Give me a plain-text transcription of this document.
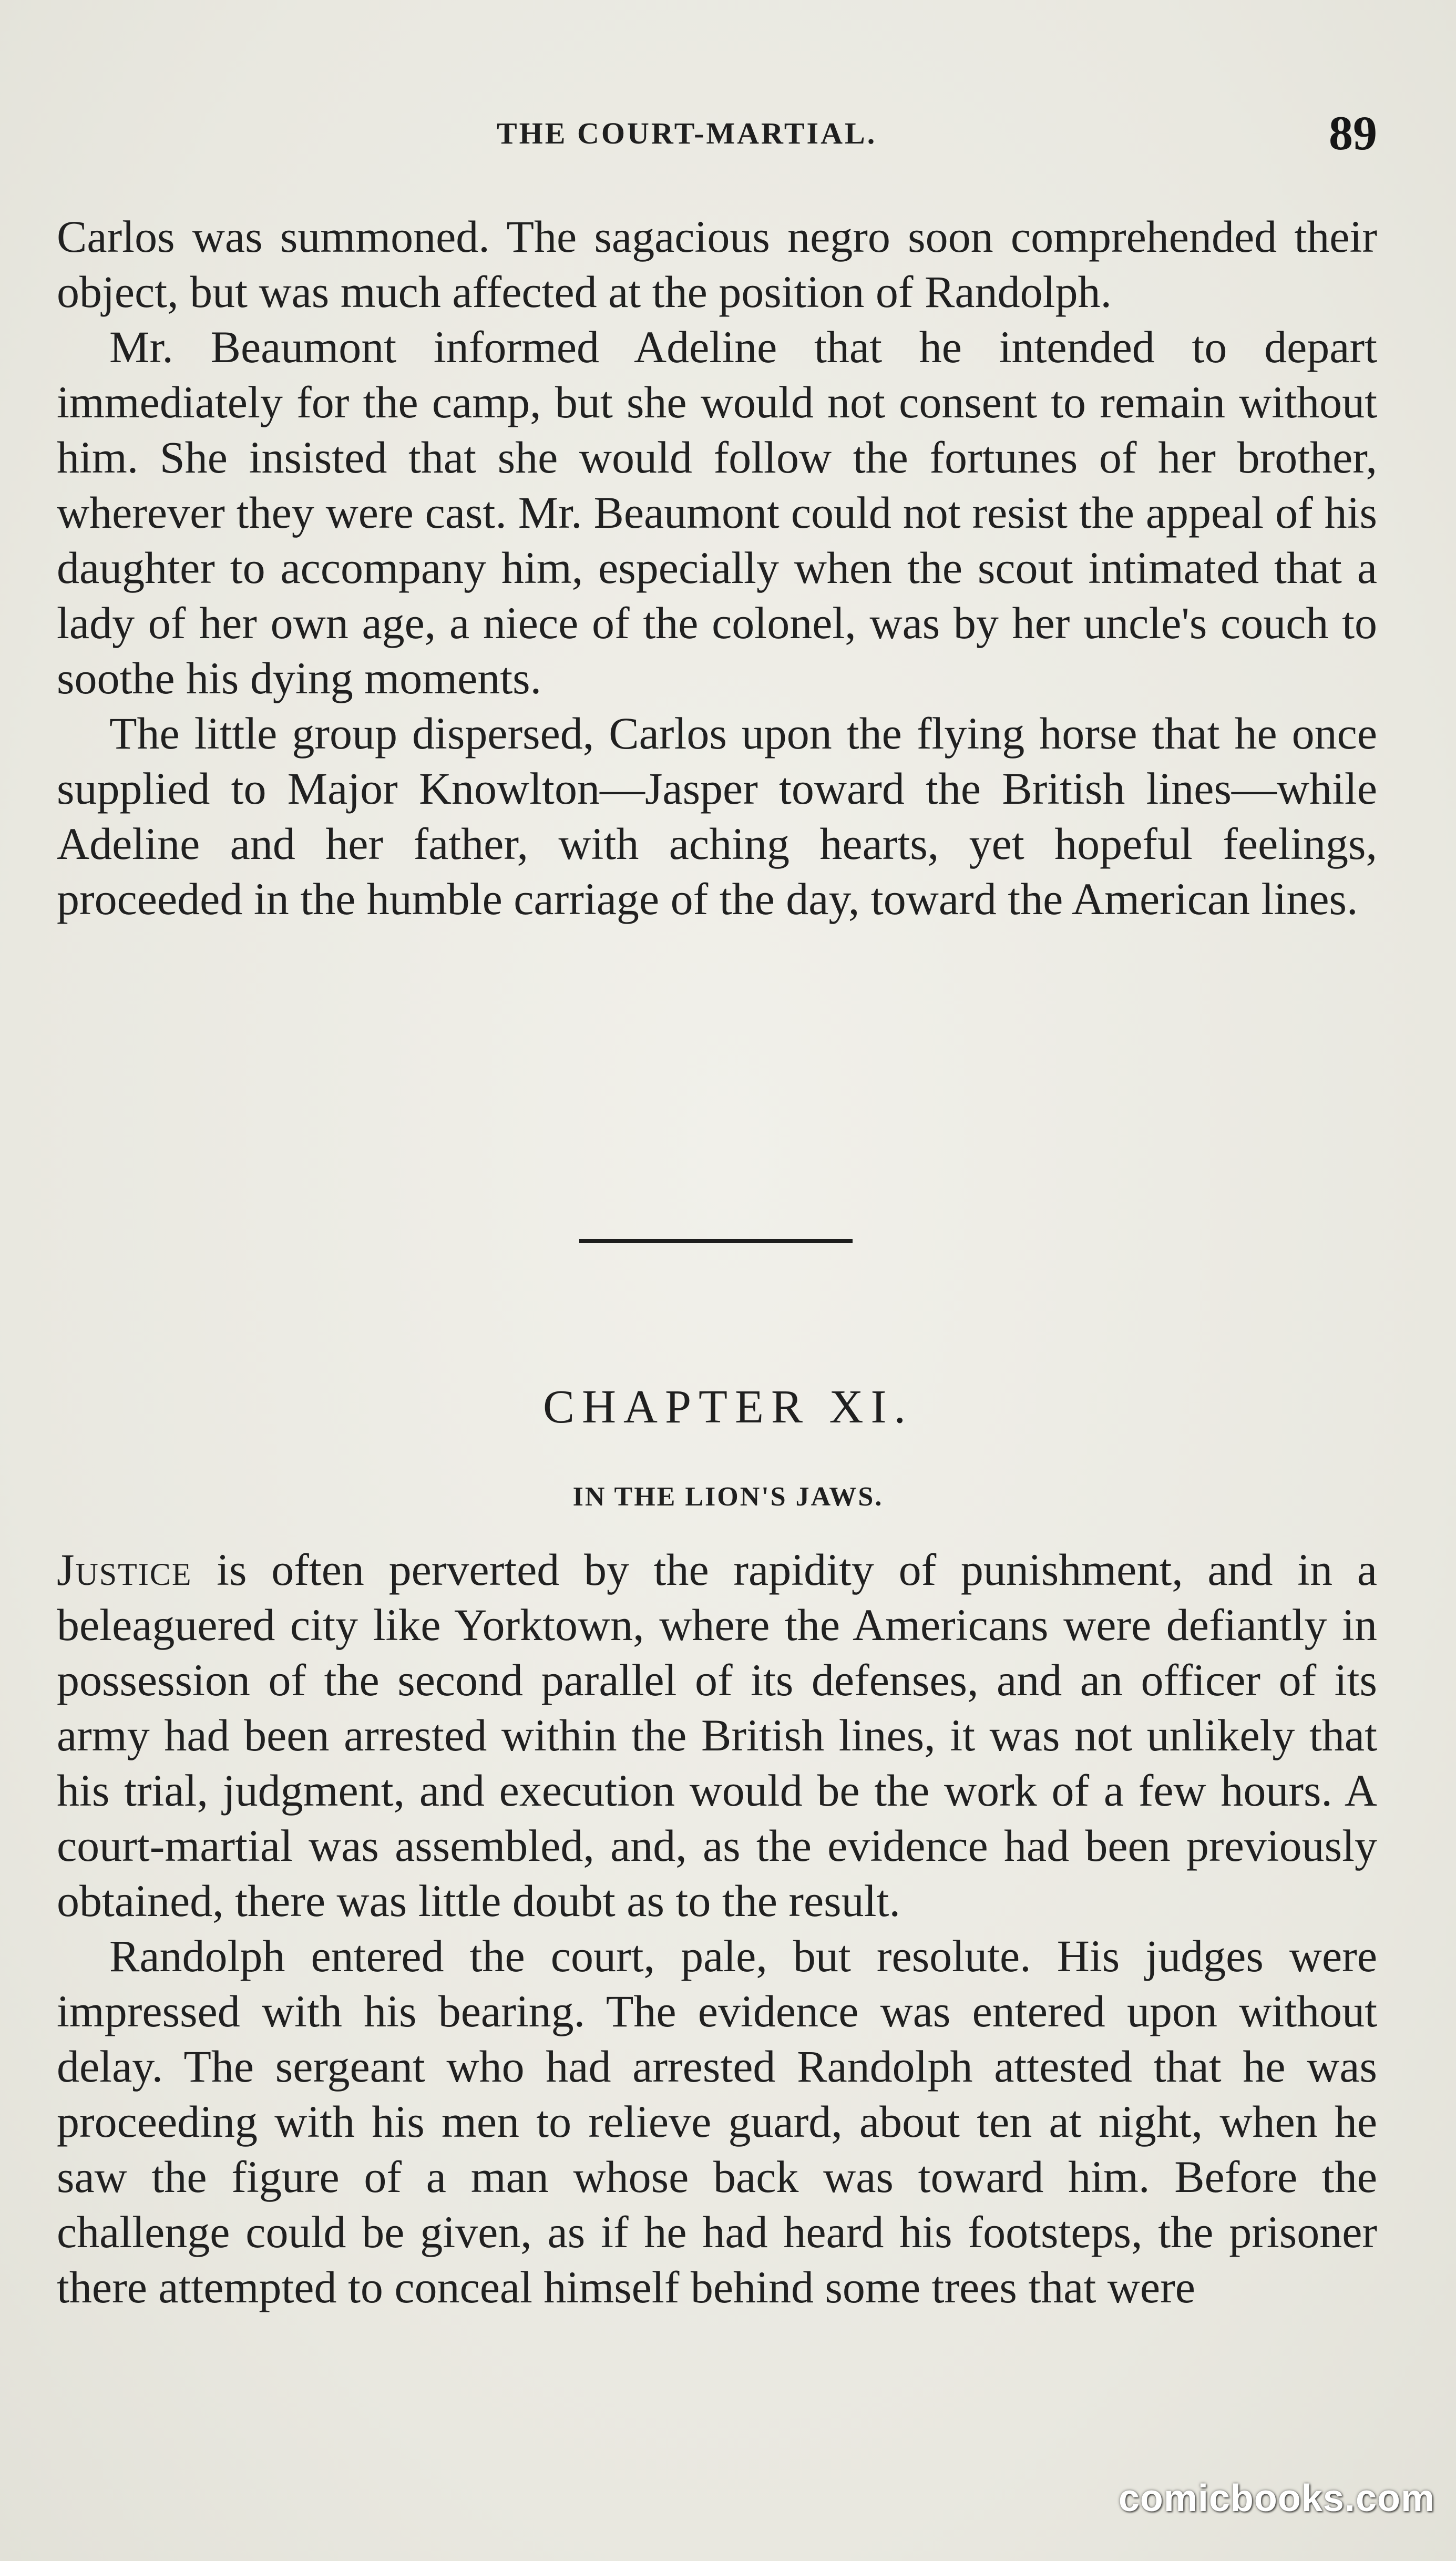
THE COURT-MARTIAL.	89

Carlos was summoned. The sagacious negro soon comprehended their object, but was much affected at the position of Randolph.

Mr. Beaumont informed Adeline that he intended to depart immediately for the camp, but she would not consent to remain without him. She insisted that she would follow the fortunes of her brother, wherever they were cast. Mr. Beaumont could not resist the appeal of his daughter to accompany him, especially when the scout intimated that a lady of her own age, a niece of the colonel, was by her uncle's couch to soothe his dying moments.

The little group dispersed, Carlos upon the flying horse that he once supplied to Major Knowlton—Jasper toward the British lines—while Adeline and her father, with aching hearts, yet hopeful feelings, proceeded in the humble carriage of the day, toward the American lines.

CHAPTER XI.
IN THE LION'S JAWS.

Justice is often perverted by the rapidity of punishment, and in a beleaguered city like Yorktown, where the Americans were defiantly in possession of the second parallel of its defenses, and an officer of its army had been arrested within the British lines, it was not unlikely that his trial, judgment, and execution would be the work of a few hours. A court-martial was assembled, and, as the evidence had been previously obtained, there was little doubt as to the result.

Randolph entered the court, pale, but resolute. His judges were impressed with his bearing. The evidence was entered upon without delay. The sergeant who had arrested Randolph attested that he was proceeding with his men to relieve guard, about ten at night, when he saw the figure of a man whose back was toward him. Before the challenge could be given, as if he had heard his footsteps, the prisoner there attempted to conceal himself behind some trees that were

comicbooks.com
